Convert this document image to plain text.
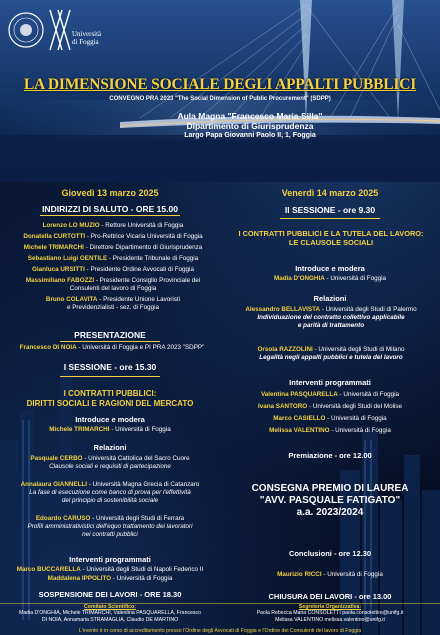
Università
di Foggia
LA DIMENSIONE SOCIALE DEGLI APPALTI PUBBLICI
CONVEGNO PRA 2023 "The Social Dimension of Public Procurement" (SDPP)
Aula Magna "Francesco Maria Silla"
Dipartimento di Giurisprudenza
Largo Papa Giovanni Paolo II, 1, Foggia
Giovedì 13 marzo 2025
INDIRIZZI DI SALUTO - ORE 15.00
Lorenzo LO MUZIO - Rettore Università di Foggia
Donatella CURTOTTI - Pro-Rettrice Vicaria Università di Foggia
Michele TRIMARCHI - Direttore Dipartimento di Giurisprudenza
Sebastiano Luigi GENTILE - Presidente Tribunale di Foggia
Gianluca URSITTI - Presidente Ordine Avvocati di Foggia
Massimiliano FABOZZI - Presidente Consiglio Provinciale dei
Consulenti del lavoro di Foggia
Bruno COLAVITA - Presidente Unione Lavoristi
e Previdenzialisti - sez. di Foggia
PRESENTAZIONE
Francesco DI NOIA - Università di Foggia e PI PRA 2023 "SDPP"
I SESSIONE - ore 15.30
I CONTRATTI PUBBLICI:
DIRITTI SOCIALI E RAGIONI DEL MERCATO
Introduce e modera
Michele TRIMARCHI - Università di Foggia
Relazioni
Pasquale CERBO - Università Cattolica del Sacro Cuore
Clausole sociali e requisiti di partecipazione
Annalaura GIANNELLI - Università Magna Grecia di Catanzaro
La fase di esecuzione come banco di prova per l'effettività
del principio di sostenibilità sociale
Edoardo CARUSO - Università degli Studi di Ferrara
Profili amministrativistici dell'equo trattamento dei lavoratori
nei contratti pubblici
Interventi programmati
Marco BUCCARELLA - Università degli Studi di Napoli Federico II
Maddalena IPPOLITO - Università di Foggia
SOSPENSIONE DEI LAVORI - ORE 18.30
Venerdì 14 marzo 2025
II SESSIONE - ore 9.30
I CONTRATTI PUBBLICI E LA TUTELA DEL LAVORO:
LE CLAUSOLE SOCIALI
Introduce e modera
Madia D'ONGHIA - Università di Foggia
Relazioni
Alessandro BELLAVISTA - Università degli Studi di Palermo
Individuazione del contratto collettivo applicabile
e parità di trattamento
Orsola RAZZOLINI - Università degli Studi di Milano
Legalità negli appalti pubblici e tutela del lavoro
Interventi programmati
Valentina PASQUARELLA - Università di Foggia
Ivana SANTORO - Università degli Studi del Molise
Marco CASIELLO - Università di Foggia
Melissa VALENTINO - Università di Foggia
Premiazione - ore 12.00
CONSEGNA PREMIO DI LAUREA
"AVV. PASQUALE FATIGATO"
a.a. 2023/2024
Conclusioni - ore 12.30
Maurizio RICCI - Università di Foggia
CHIUSURA DEI LAVORI - ore 13.00
Comitato Scientifico:
Madia D'ONGHIA, Michele TRIMARCHI, Valentina PASQUARELLA, Francesco
DI NOIA, Annamaria STRAMAGLIA, Claudio DE MARTINO
Segreteria Organizzativa:
Paola Rebecca Maria CONSOLETTI paola.consolettire@unifg.it
Melissa VALENTINO melissa.valentino@unifg.it
L'evento è in corso di accreditamento presso l'Ordine degli Avvocati di Foggia e l'Ordine dei Consulenti del lavoro di Foggia
